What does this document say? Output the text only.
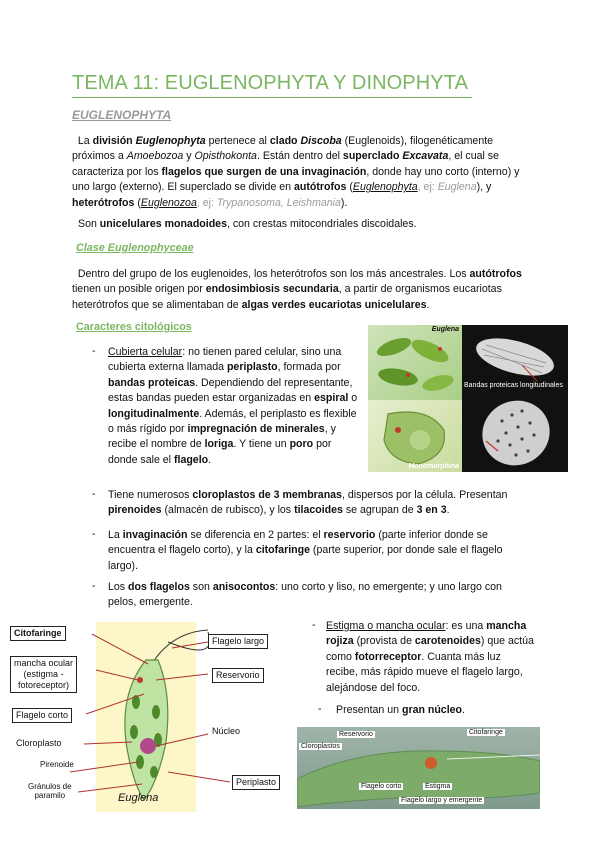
TEMA 11: EUGLENOPHYTA Y DINOPHYTA
EUGLENOPHYTA
La división Euglenophyta pertenece al clado Discoba (Euglenoids), filogenéticamente próximos a Amoebozoa y Opisthokonta. Están dentro del superclado Excavata, el cual se caracteriza por los flagelos que surgen de una invaginación, donde hay uno corto (interno) y uno largo (externo). El superclado se divide en autótrofos (Euglenophyta, ej: Euglena), y heterótrofos (Euglenozoa, ej: Trypanosoma, Leishmania).
Son unicelulares monadoides, con crestas mitocondriales discoidales.
Clase Euglenophyceae
Dentro del grupo de los euglenoides, los heterótrofos son los más ancestrales. Los autótrofos tienen un posible origen por endosimbiosis secundaria, a partir de organismos eucariotas heterótrofos que se alimentaban de algas verdes eucariotas unicelulares.
Caracteres citológicos
- Cubierta celular: no tienen pared celular, sino una cubierta externa llamada periplasto, formada por bandas proteicas. Dependiendo del representante, estas bandas pueden estar organizadas en espiral o longitudinalmente. Además, el periplasto es flexible o más rígido por impregnación de minerales, y recibe el nombre de loriga. Y tiene un poro por donde sale el flagelo.
Euglena
Monomorphina
Bandas proteicas longitudinales
- Tiene numerosos cloroplastos de 3 membranas, dispersos por la célula. Presentan pirenoides (almacén de rubisco), y los tilacoides se agrupan de 3 en 3.
- La invaginación se diferencia en 2 partes: el reservorio (parte inferior donde se encuentra el flagelo corto), y la citofaringe (parte superior, por donde sale el flagelo largo).
- Los dos flagelos son anisocontos: uno corto y liso, no emergente; y uno largo con pelos, emergente.
Citofaringe
mancha ocular
(estigma -
fotoreceptor)
Flagelo corto
Cloroplasto
Pirenoide
Gránulos de
paramilo
Flagelo largo
Reservorio
Núcleo
Periplasto
Euglena
- Estigma o mancha ocular: es una mancha rojiza (provista de carotenoides) que actúa como fotorreceptor. Cuanta más luz recibe, más rápido mueve el flagelo largo, alejándose del foco.
- Presentan un gran núcleo.
Reservorio	Citofaringe
Cloroplastos
Flagelo corto	Estigma
Flagelo largo y emergente
